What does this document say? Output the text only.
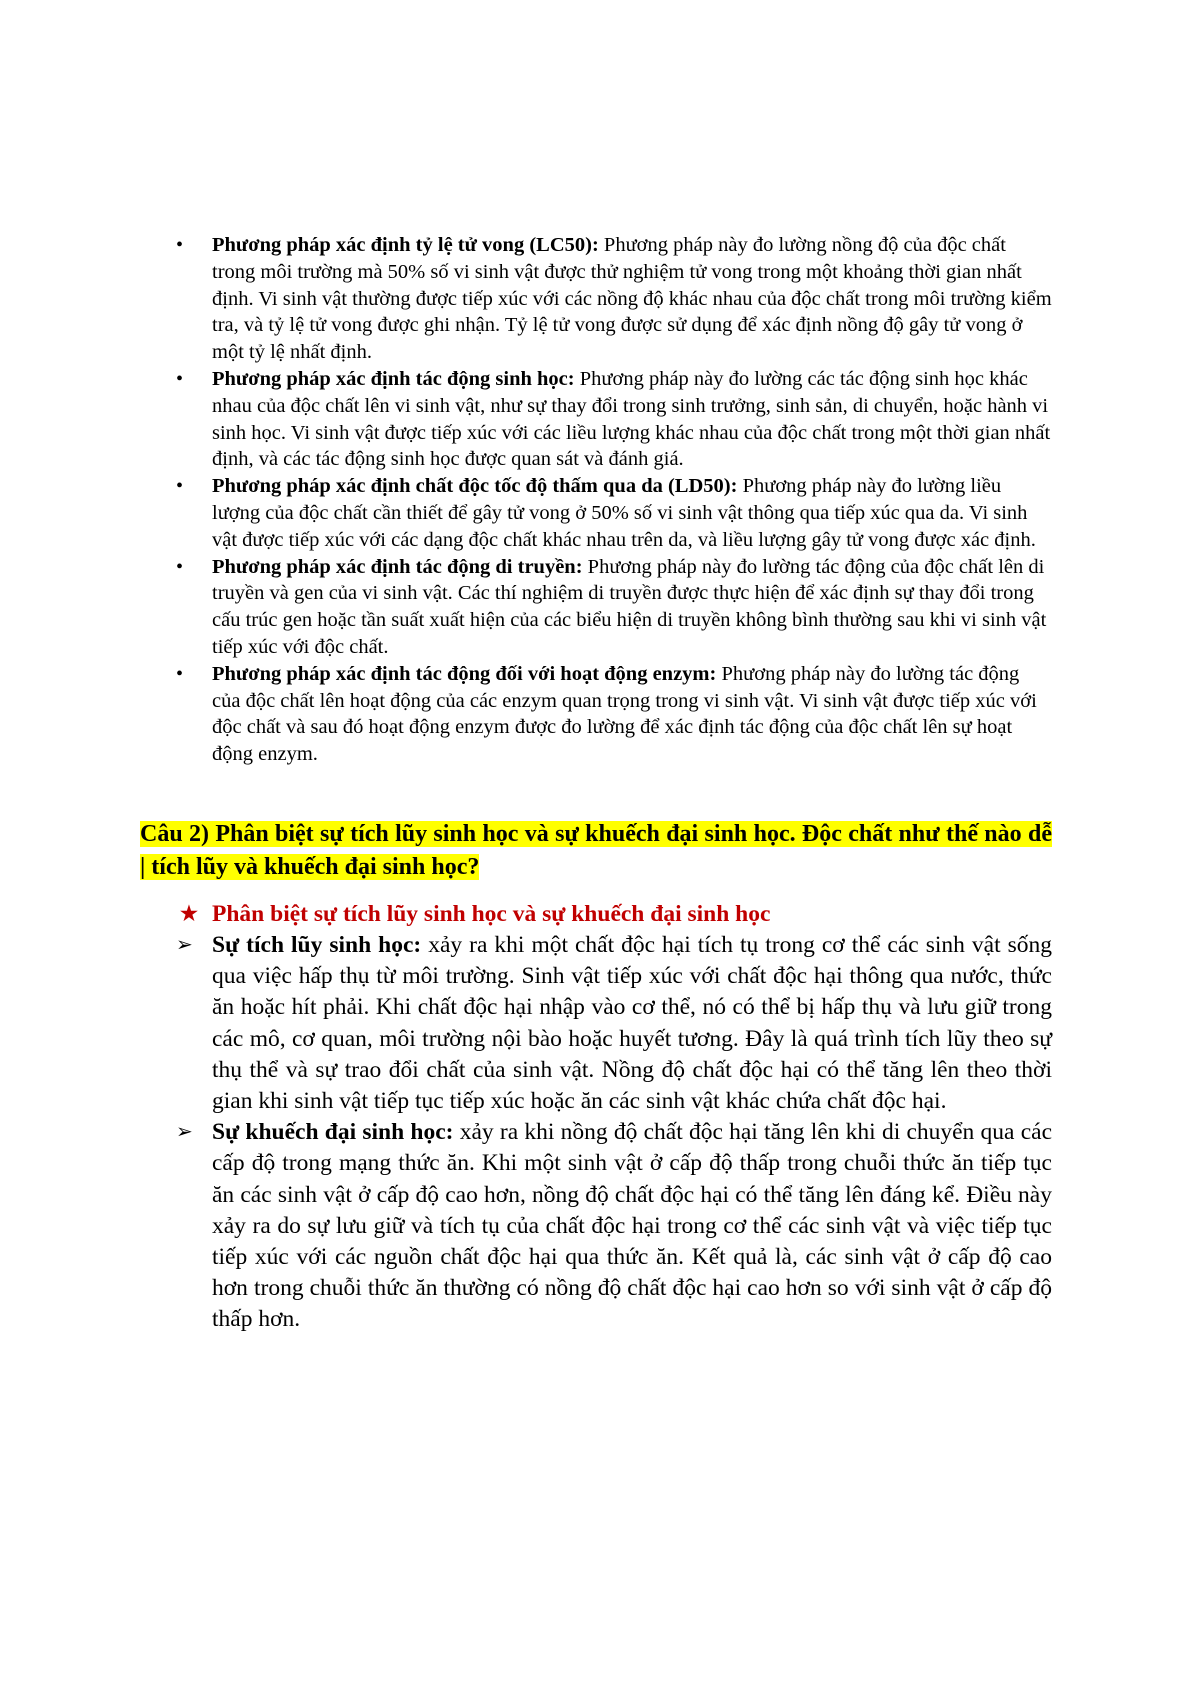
• Phương pháp xác định tỷ lệ tử vong (LC50): Phương pháp này đo lường nồng độ của độc chất trong môi trường mà 50% số vi sinh vật được thử nghiệm tử vong trong một khoảng thời gian nhất định. Vi sinh vật thường được tiếp xúc với các nồng độ khác nhau của độc chất trong môi trường kiểm tra, và tỷ lệ tử vong được ghi nhận. Tỷ lệ tử vong được sử dụng để xác định nồng độ gây tử vong ở một tỷ lệ nhất định.
• Phương pháp xác định tác động sinh học: Phương pháp này đo lường các tác động sinh học khác nhau của độc chất lên vi sinh vật, như sự thay đổi trong sinh trưởng, sinh sản, di chuyển, hoặc hành vi sinh học. Vi sinh vật được tiếp xúc với các liều lượng khác nhau của độc chất trong một thời gian nhất định, và các tác động sinh học được quan sát và đánh giá.
• Phương pháp xác định chất độc tốc độ thấm qua da (LD50): Phương pháp này đo lường liều lượng của độc chất cần thiết để gây tử vong ở 50% số vi sinh vật thông qua tiếp xúc qua da. Vi sinh vật được tiếp xúc với các dạng độc chất khác nhau trên da, và liều lượng gây tử vong được xác định.
• Phương pháp xác định tác động di truyền: Phương pháp này đo lường tác động của độc chất lên di truyền và gen của vi sinh vật. Các thí nghiệm di truyền được thực hiện để xác định sự thay đổi trong cấu trúc gen hoặc tần suất xuất hiện của các biểu hiện di truyền không bình thường sau khi vi sinh vật tiếp xúc với độc chất.
• Phương pháp xác định tác động đối với hoạt động enzym: Phương pháp này đo lường tác động của độc chất lên hoạt động của các enzym quan trọng trong vi sinh vật. Vi sinh vật được tiếp xúc với độc chất và sau đó hoạt động enzym được đo lường để xác định tác động của độc chất lên sự hoạt động enzym.
Câu 2) Phân biệt sự tích lũy sinh học và sự khuếch đại sinh học. Độc chất như thế nào dễ | tích lũy và khuếch đại sinh học?
★ Phân biệt sự tích lũy sinh học và sự khuếch đại sinh học
➢ Sự tích lũy sinh học: xảy ra khi một chất độc hại tích tụ trong cơ thể các sinh vật sống qua việc hấp thụ từ môi trường. Sinh vật tiếp xúc với chất độc hại thông qua nước, thức ăn hoặc hít phải. Khi chất độc hại nhập vào cơ thể, nó có thể bị hấp thụ và lưu giữ trong các mô, cơ quan, môi trường nội bào hoặc huyết tương. Đây là quá trình tích lũy theo sự thụ thể và sự trao đổi chất của sinh vật. Nồng độ chất độc hại có thể tăng lên theo thời gian khi sinh vật tiếp tục tiếp xúc hoặc ăn các sinh vật khác chứa chất độc hại.
➢ Sự khuếch đại sinh học: xảy ra khi nồng độ chất độc hại tăng lên khi di chuyển qua các cấp độ trong mạng thức ăn. Khi một sinh vật ở cấp độ thấp trong chuỗi thức ăn tiếp tục ăn các sinh vật ở cấp độ cao hơn, nồng độ chất độc hại có thể tăng lên đáng kể. Điều này xảy ra do sự lưu giữ và tích tụ của chất độc hại trong cơ thể các sinh vật và việc tiếp tục tiếp xúc với các nguồn chất độc hại qua thức ăn. Kết quả là, các sinh vật ở cấp độ cao hơn trong chuỗi thức ăn thường có nồng độ chất độc hại cao hơn so với sinh vật ở cấp độ thấp hơn.
